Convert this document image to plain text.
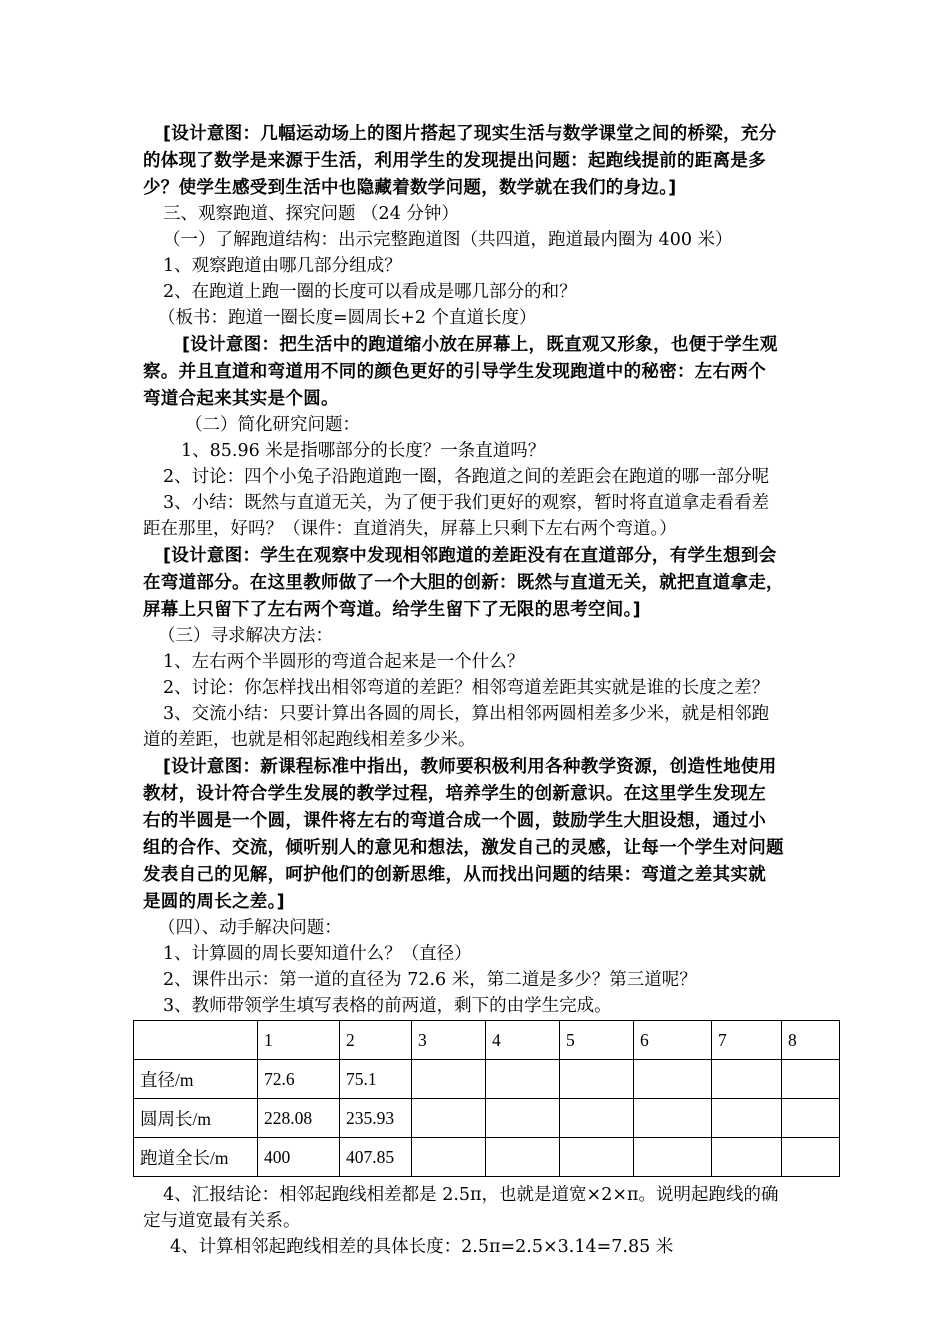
[设计意图：几幅运动场上的图片搭起了现实生活与数学课堂之间的桥梁，充分
的体现了数学是来源于生活，利用学生的发现提出问题：起跑线提前的距离是多
少？使学生感受到生活中也隐藏着数学问题，数学就在我们的身边。]
三、观察跑道、探究问题 （24 分钟）
（一）了解跑道结构：出示完整跑道图（共四道，跑道最内圈为 400 米）
1、观察跑道由哪几部分组成？
2、在跑道上跑一圈的长度可以看成是哪几部分的和？
（板书：跑道一圈长度=圆周长+2 个直道长度）
[设计意图：把生活中的跑道缩小放在屏幕上，既直观又形象，也便于学生观
察。并且直道和弯道用不同的颜色更好的引导学生发现跑道中的秘密：左右两个
弯道合起来其实是个圆。
（二）简化研究问题：
1、85.96 米是指哪部分的长度？一条直道吗？
2、讨论：四个小兔子沿跑道跑一圈，各跑道之间的差距会在跑道的哪一部分呢
3、小结：既然与直道无关，为了便于我们更好的观察，暂时将直道拿走看看差
距在那里，好吗？（课件：直道消失，屏幕上只剩下左右两个弯道。）
[设计意图：学生在观察中发现相邻跑道的差距没有在直道部分，有学生想到会
在弯道部分。在这里教师做了一个大胆的创新：既然与直道无关，就把直道拿走，
屏幕上只留下了左右两个弯道。给学生留下了无限的思考空间。]
（三）寻求解决方法：
1、左右两个半圆形的弯道合起来是一个什么？
2、讨论：你怎样找出相邻弯道的差距？相邻弯道差距其实就是谁的长度之差？
3、交流小结：只要计算出各圆的周长，算出相邻两圆相差多少米，就是相邻跑
道的差距，也就是相邻起跑线相差多少米。
[设计意图：新课程标准中指出，教师要积极利用各种教学资源，创造性地使用
教材，设计符合学生发展的教学过程，培养学生的创新意识。在这里学生发现左
右的半圆是一个圆，课件将左右的弯道合成一个圆，鼓励学生大胆设想，通过小
组的合作、交流，倾听别人的意见和想法，激发自己的灵感，让每一个学生对问题
发表自己的见解，呵护他们的创新思维，从而找出问题的结果：弯道之差其实就
是圆的周长之差。]
（四）、动手解决问题：
1、计算圆的周长要知道什么？（直径）
2、课件出示：第一道的直径为 72.6 米，第二道是多少？第三道呢？
3、教师带领学生填写表格的前两道，剩下的由学生完成。
	1	2	3	4	5	6	7	8
直径/m	72.6	75.1						
圆周长/m	228.08	235.93						
跑道全长/m	400	407.85						
4、汇报结论：相邻起跑线相差都是 2.5π，也就是道宽×2×π。说明起跑线的确
定与道宽最有关系。
4、计算相邻起跑线相差的具体长度：2.5π=2.5×3.14=7.85 米
